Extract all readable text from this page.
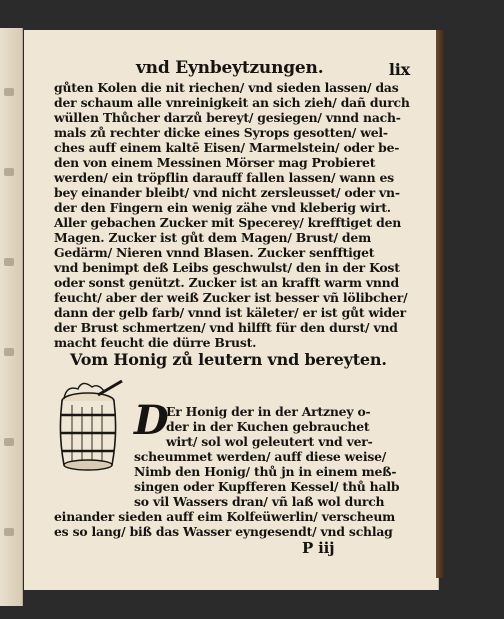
vnd Eynbeytzungen.	lix
gůten Kolen die nit riechen/ vnd sieden lassen/ das
der schaum alle vnreinigkeit an sich zieh/ dañ durch
wüllen Thůcher darzů bereyt/ gesiegen/ vnnd nach-
mals zů rechter dicke eines Syrops gesotten/ wel-
ches auff einem kaltē Eisen/ Marmelstein/ oder be-
den von einem Messinen Mörser mag Probieret
werden/ ein tröpflin darauff fallen lassen/ wann es
bey einander bleibt/ vnd nicht zersleusset/ oder vn-
der den Fingern ein wenig zähe vnd kleberig wirt.
Aller gebachen Zucker mit Specerey/ krefftiget den
Magen. Zucker ist gůt dem Magen/ Brust/ dem
Gedärm/ Nieren vnnd Blasen. Zucker senfftiget
vnd benimpt deß Leibs geschwulst/ den in der Kost
oder sonst genützt. Zucker ist an krafft warm vnnd
feucht/ aber der weiß Zucker ist besser vñ lölibcher/
dann der gelb farb/ vnnd ist käleter/ er ist gůt wider
der Brust schmertzen/ vnd hilfft für den durst/ vnd
macht feucht die dürre Brust.
Vom Honig zů leutern vnd bereyten.
D
Er Honig der in der Artzney o-
der in der Kuchen gebrauchet
wirt/ sol wol geleutert vnd ver-
scheummet werden/ auff diese weise/
Nimb den Honig/ thů jn in einem meß-
singen oder Kupfferen Kessel/ thů halb
so vil Wassers dran/ vñ laß wol durch
einander sieden auff eim Kolfeüwerlin/ verscheum
es so lang/ biß das Wasser eyngesendt/ vnd schlag
P iij
